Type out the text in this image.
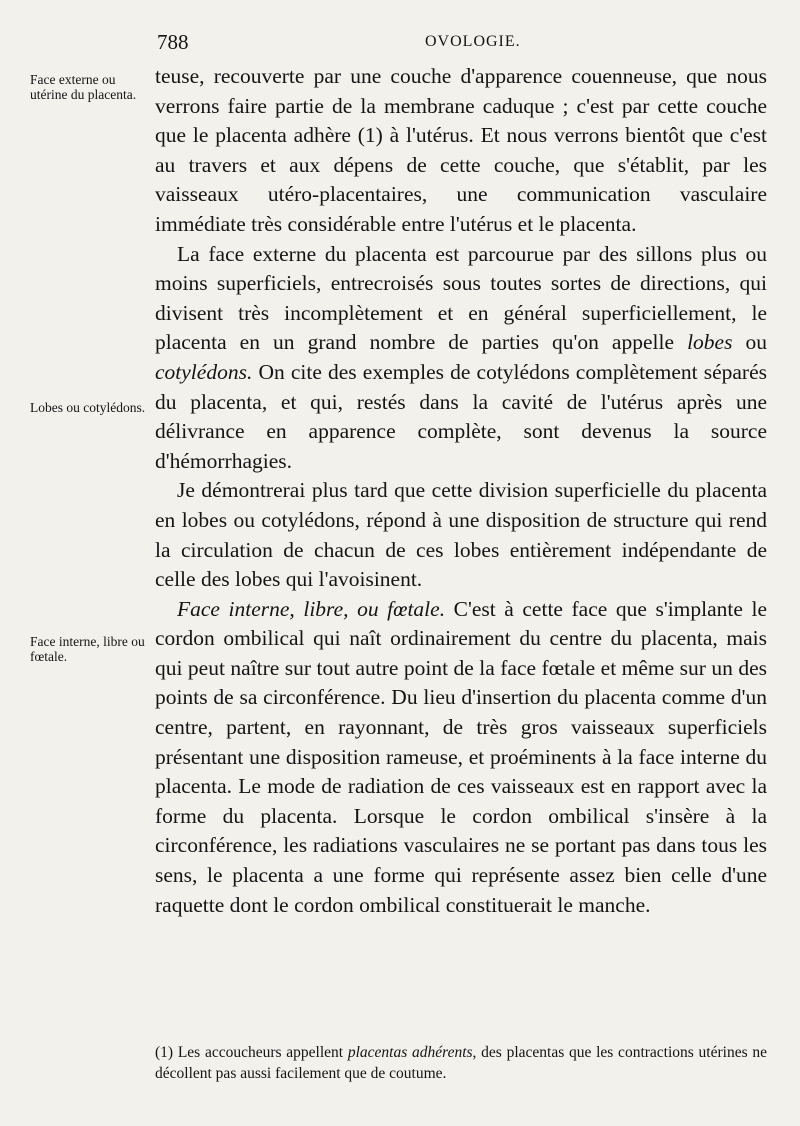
788	OVOLOGIE.
Face externe ou utérine du placenta.
Lobes ou cotylédons.
Face interne, libre ou fœtale.

teuse, recouverte par une couche d'apparence couenneuse, que nous verrons faire partie de la membrane caduque ; c'est par cette couche que le placenta adhère (1) à l'utérus. Et nous verrons bientôt que c'est au travers et aux dépens de cette couche, que s'établit, par les vaisseaux utéro-placentaires, une communication vasculaire immédiate très considérable entre l'utérus et le placenta.

La face externe du placenta est parcourue par des sillons plus ou moins superficiels, entrecroisés sous toutes sortes de directions, qui divisent très incomplètement et en général superficiellement, le placenta en un grand nombre de parties qu'on appelle lobes ou cotylédons. On cite des exemples de cotylédons complètement séparés du placenta, et qui, restés dans la cavité de l'utérus après une délivrance en apparence complète, sont devenus la source d'hémorrhagies.

Je démontrerai plus tard que cette division superficielle du placenta en lobes ou cotylédons, répond à une disposition de structure qui rend la circulation de chacun de ces lobes entièrement indépendante de celle des lobes qui l'avoisinent.

Face interne, libre, ou fœtale. C'est à cette face que s'implante le cordon ombilical qui naît ordinairement du centre du placenta, mais qui peut naître sur tout autre point de la face fœtale et même sur un des points de sa circonférence. Du lieu d'insertion du placenta comme d'un centre, partent, en rayonnant, de très gros vaisseaux superficiels présentant une disposition rameuse, et proéminents à la face interne du placenta. Le mode de radiation de ces vaisseaux est en rapport avec la forme du placenta. Lorsque le cordon ombilical s'insère à la circonférence, les radiations vasculaires ne se portant pas dans tous les sens, le placenta a une forme qui représente assez bien celle d'une raquette dont le cordon ombilical constituerait le manche.

(1) Les accoucheurs appellent placentas adhérents, des placentas que les contractions utérines ne décollent pas aussi facilement que de coutume.
